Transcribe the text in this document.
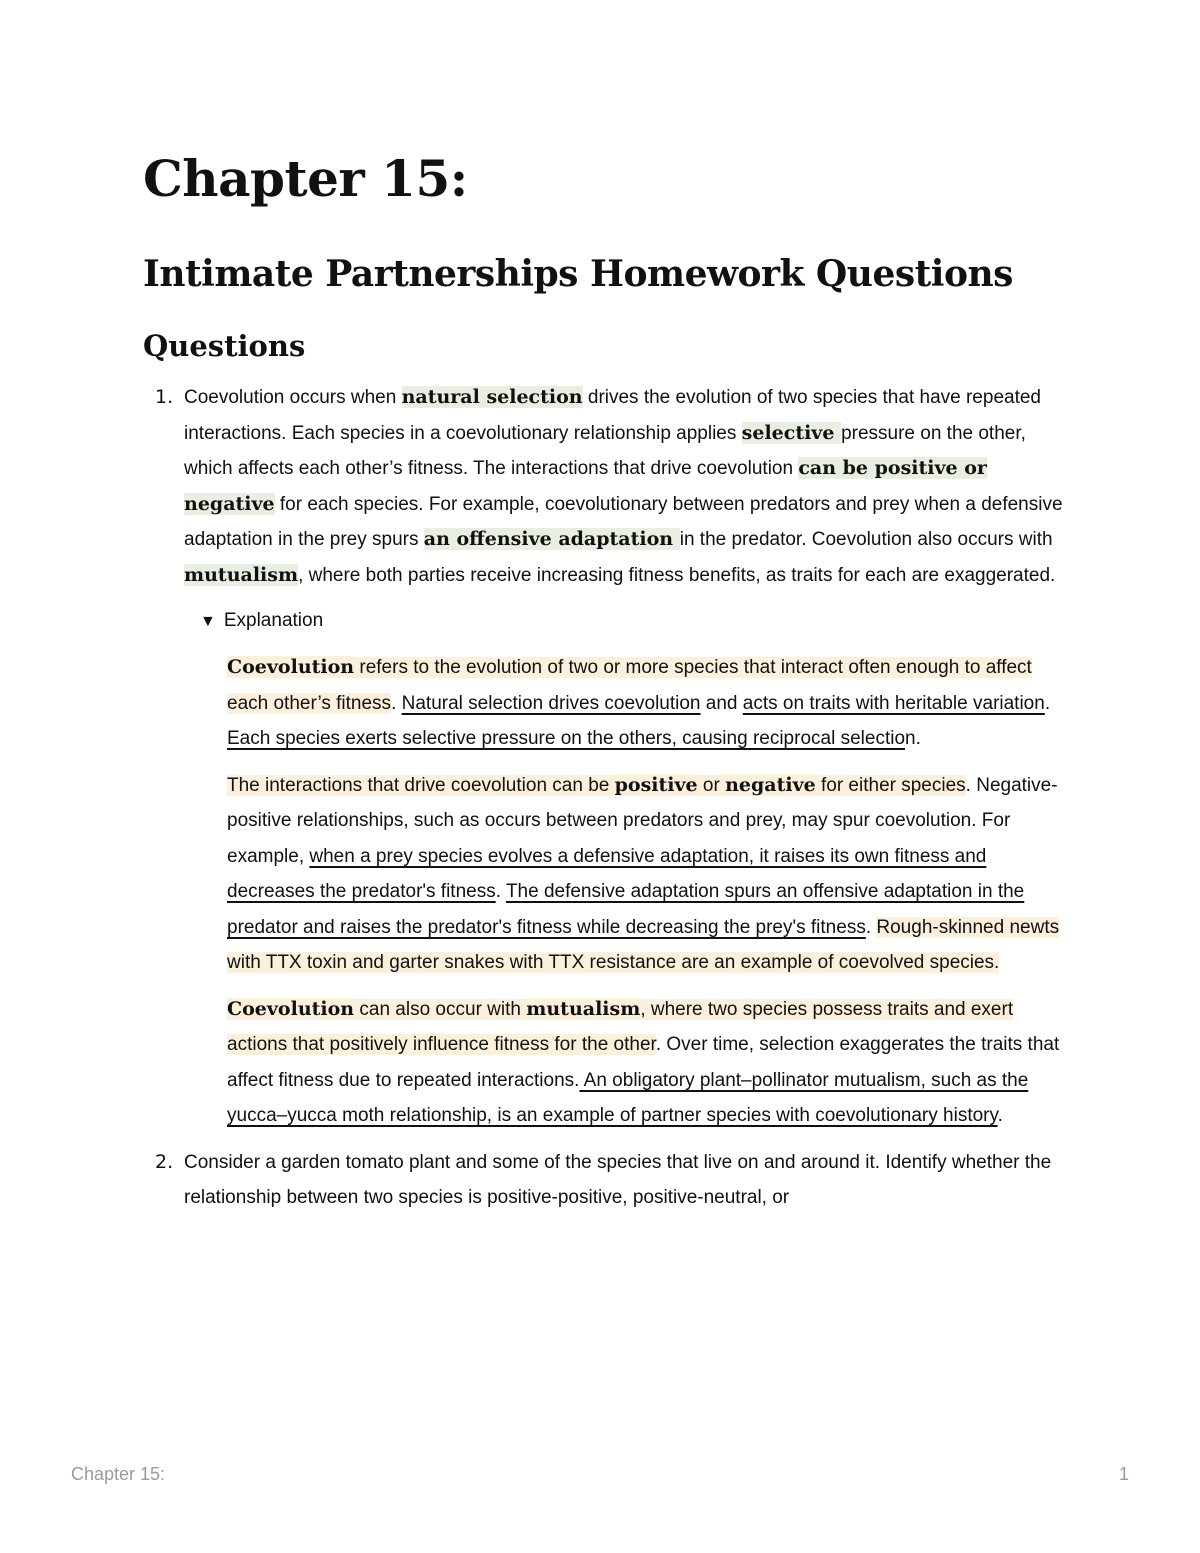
Chapter 15:
Intimate Partnerships Homework Questions
Questions
1. Coevolution occurs when natural selection drives the evolution of two species that have repeated interactions. Each species in a coevolutionary relationship applies selective pressure on the other, which affects each other’s fitness. The interactions that drive coevolution can be positive or negative for each species. For example, coevolutionary between predators and prey when a defensive adaptation in the prey spurs an offensive adaptation in the predator. Coevolution also occurs with mutualism, where both parties receive increasing fitness benefits, as traits for each are exaggerated.

▼ Explanation

Coevolution refers to the evolution of two or more species that interact often enough to affect each other’s fitness. Natural selection drives coevolution and acts on traits with heritable variation. Each species exerts selective pressure on the others, causing reciprocal selection.

The interactions that drive coevolution can be positive or negative for either species. Negative-positive relationships, such as occurs between predators and prey, may spur coevolution. For example, when a prey species evolves a defensive adaptation, it raises its own fitness and decreases the predator's fitness. The defensive adaptation spurs an offensive adaptation in the predator and raises the predator's fitness while decreasing the prey's fitness. Rough-skinned newts with TTX toxin and garter snakes with TTX resistance are an example of coevolved species.

Coevolution can also occur with mutualism, where two species possess traits and exert actions that positively influence fitness for the other. Over time, selection exaggerates the traits that affect fitness due to repeated interactions. An obligatory plant–pollinator mutualism, such as the yucca–yucca moth relationship, is an example of partner species with coevolutionary history.

2. Consider a garden tomato plant and some of the species that live on and around it. Identify whether the relationship between two species is positive-positive, positive-neutral, or

Chapter 15:	1
